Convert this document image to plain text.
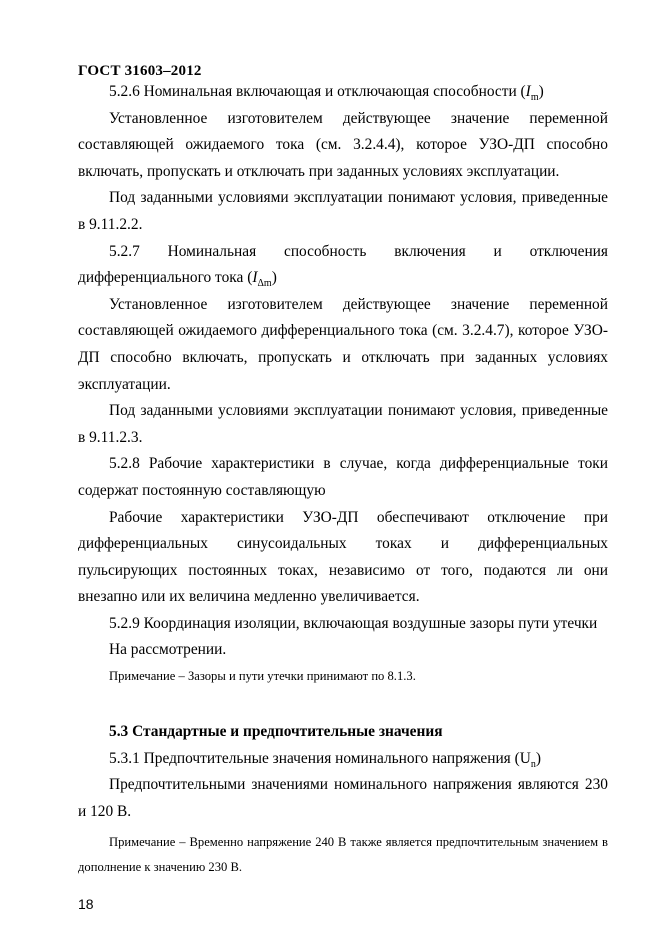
ГОСТ 31603–2012

5.2.6 Номинальная включающая и отключающая способности $(I_m)$

Установленное изготовителем действующее значение переменной составляющей ожидаемого тока (см. 3.2.4.4), которое УЗО-ДП способно включать, пропускать и отключать при заданных условиях эксплуатации.

Под заданными условиями эксплуатации понимают условия, приведенные в 9.11.2.2.

5.2.7 Номинальная способность включения и отключения дифференциального тока $(I_{\Delta m})$

Установленное изготовителем действующее значение переменной составляющей ожидаемого дифференциального тока (см. 3.2.4.7), которое УЗО-ДП способно включать, пропускать и отключать при заданных условиях эксплуатации.

Под заданными условиями эксплуатации понимают условия, приведенные в 9.11.2.3.

5.2.8 Рабочие характеристики в случае, когда дифференциальные токи содержат постоянную составляющую

Рабочие характеристики УЗО-ДП обеспечивают отключение при дифференциальных синусоидальных токах и дифференциальных пульсирующих постоянных токах, независимо от того, подаются ли они внезапно или их величина медленно увеличивается.

5.2.9 Координация изоляции, включающая воздушные зазоры пути утечки

На рассмотрении.

Примечание – Зазоры и пути утечки принимают по 8.1.3.

5.3 Стандартные и предпочтительные значения

5.3.1 Предпочтительные значения номинального напряжения $(U_n)$

Предпочтительными значениями номинального напряжения являются 230 и 120 В.

Примечание – Временно напряжение 240 В также является предпочтительным значением в дополнение к значению 230 В.

18
